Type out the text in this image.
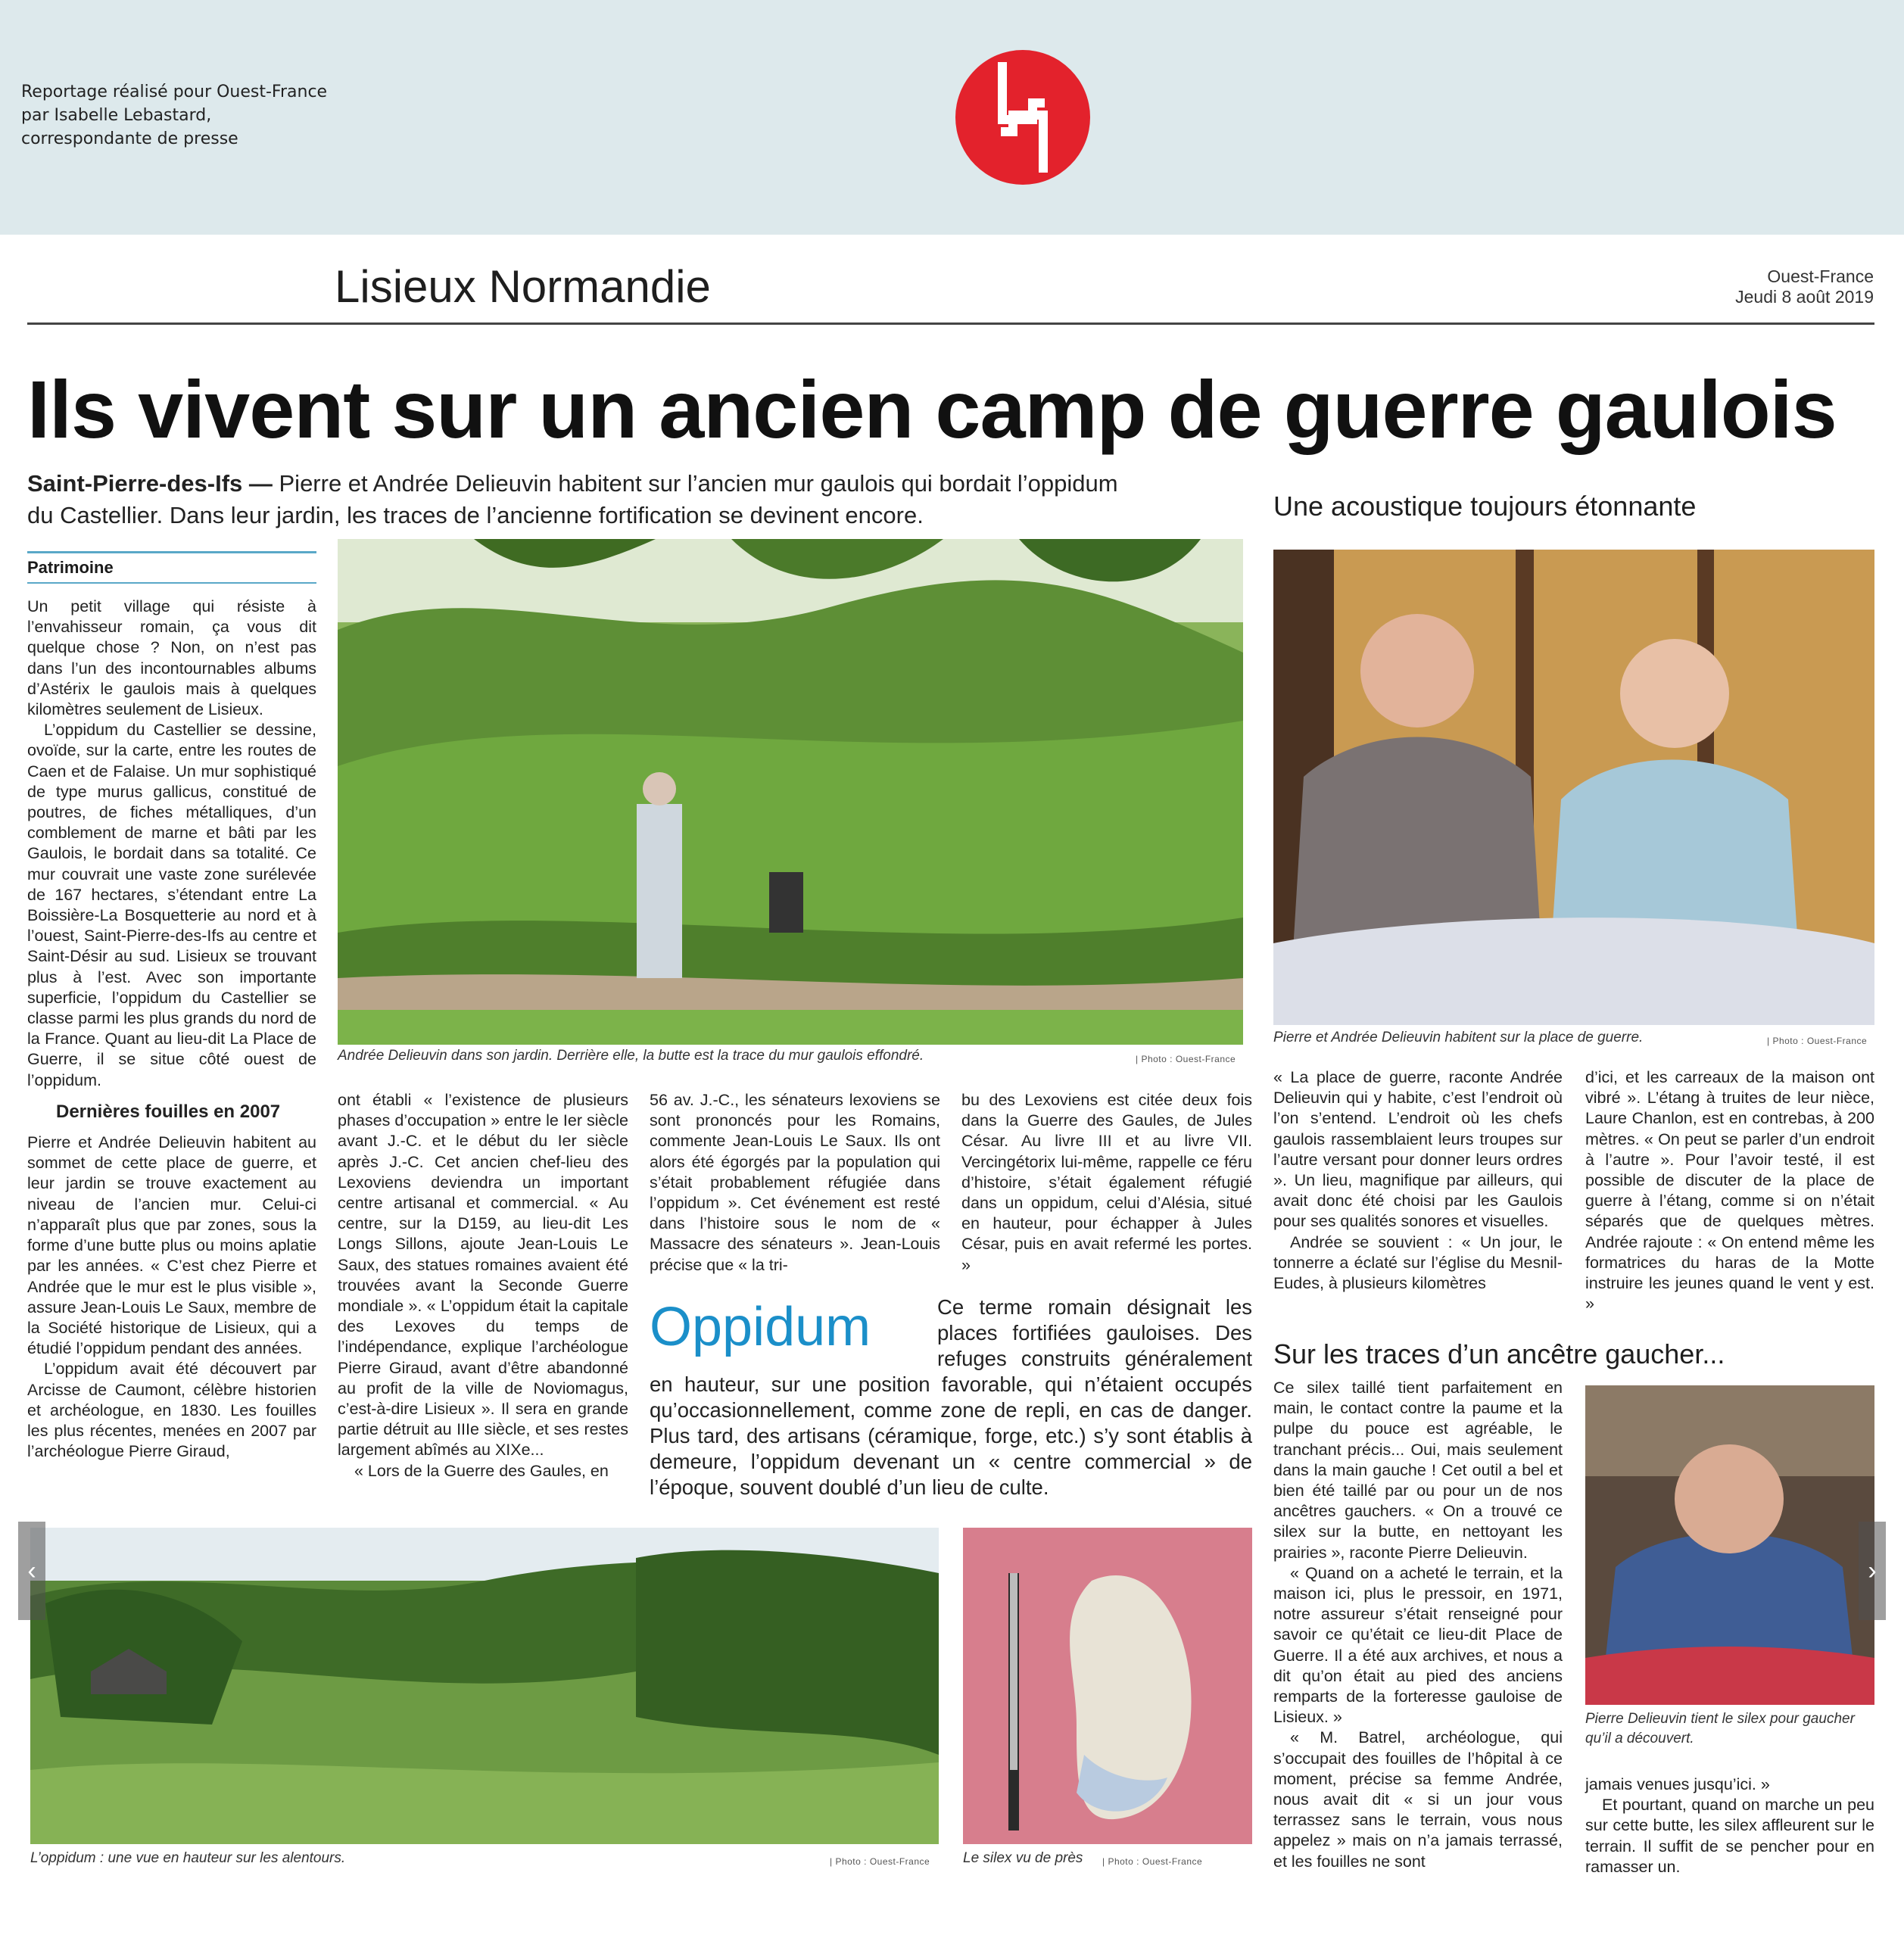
Reportage réalisé pour Ouest-France
par Isabelle Lebastard,
correspondante de presse
Lisieux Normandie	Ouest-France
Jeudi 8 août 2019
Ils vivent sur un ancien camp de guerre gaulois
Saint-Pierre-des-Ifs — Pierre et Andrée Delieuvin habitent sur l’ancien mur gaulois qui bordait l’oppidum du Castellier. Dans leur jardin, les traces de l’ancienne fortification se devinent encore.	Une acoustique toujours étonnante
Patrimoine

Un petit village qui résiste à l’envahisseur romain, ça vous dit quelque chose ? Non, on n’est pas dans l’un des incontournables albums d’Astérix le gaulois mais à quelques kilomètres seulement de Lisieux.

L’oppidum du Castellier se dessine, ovoïde, sur la carte, entre les routes de Caen et de Falaise. Un mur sophistiqué de type murus gallicus, constitué de poutres, de fiches métalliques, d’un comblement de marne et bâti par les Gaulois, le bordait dans sa totalité. Ce mur couvrait une vaste zone surélevée de 167 hectares, s’étendant entre La Boissière-La Bosquetterie au nord et à l’ouest, Saint-Pierre-des-Ifs au centre et Saint-Désir au sud. Lisieux se trouvant plus à l’est. Avec son importante superficie, l’oppidum du Castellier se classe parmi les plus grands du nord de la France. Quant au lieu-dit La Place de Guerre, il se situe côté ouest de l’oppidum.

Dernières fouilles en 2007

Pierre et Andrée Delieuvin habitent au sommet de cette place de guerre, et leur jardin se trouve exactement au niveau de l’ancien mur. Celui-ci n’apparaît plus que par zones, sous la forme d’une butte plus ou moins aplatie par les années. « C’est chez Pierre et Andrée que le mur est le plus visible », assure Jean-Louis Le Saux, membre de la Société historique de Lisieux, qui a étudié l’oppidum pendant des années.

L’oppidum avait été découvert par Arcisse de Caumont, célèbre historien et archéologue, en 1830. Les fouilles les plus récentes, menées en 2007 par l’archéologue Pierre Giraud,

Andrée Delieuvin dans son jardin. Derrière elle, la butte est la trace du mur gaulois effondré.	| Photo : Ouest-France

ont établi « l’existence de plusieurs phases d’occupation » entre le Ier siècle avant J.-C. et le début du Ier siècle après J.-C. Cet ancien chef-lieu des Lexoviens deviendra un important centre artisanal et commercial. « Au centre, sur la D159, au lieu-dit Les Longs Sillons, ajoute Jean-Louis Le Saux, des statues romaines avaient été trouvées avant la Seconde Guerre mondiale ». « L’oppidum était la capitale des Lexoves du temps de l’indépendance, explique l’archéologue Pierre Giraud, avant d’être abandonné au profit de la ville de Noviomagus, c’est-à-dire Lisieux ». Il sera en grande partie détruit au IIIe siècle, et ses restes largement abîmés au XIXe...

« Lors de la Guerre des Gaules, en

56 av. J.-C., les sénateurs lexoviens se sont prononcés pour les Romains, commente Jean-Louis Le Saux. Ils ont alors été égorgés par la population qui s’était probablement réfugiée dans l’oppidum ». Cet événement est resté dans l’histoire sous le nom de « Massacre des sénateurs ». Jean-Louis précise que « la tri-

bu des Lexoviens est citée deux fois dans la Guerre des Gaules, de Jules César. Au livre III et au livre VII. Vercingétorix lui-même, rappelle ce féru d’histoire, s’était également réfugié dans un oppidum, celui d’Alésia, situé en hauteur, pour échapper à Jules César, puis en avait refermé les portes. »

Ce terme romain désignait les places fortifiées gauloises. Des refuges construits généralement en hauteur, sur une position favorable, qui n’étaient occupés qu’occasionnellement, comme zone de repli, en cas de danger. Plus tard, des artisans (céramique, forge, etc.) s’y sont établis à demeure, l’oppidum devenant un « centre commercial » de l’époque, souvent doublé d’un lieu de culte.
Oppidum
L’oppidum : une vue en hauteur sur les alentours.	| Photo : Ouest-France Le silex vu de près | Photo : Ouest-France
Pierre et Andrée Delieuvin habitent sur la place de guerre.	| Photo : Ouest-France

« La place de guerre, raconte Andrée Delieuvin qui y habite, c’est l’endroit où l’on s’entend. L’endroit où les chefs gaulois rassemblaient leurs troupes sur l’autre versant pour donner leurs ordres ». Un lieu, magnifique par ailleurs, qui avait donc été choisi par les Gaulois pour ses qualités sonores et visuelles.

Andrée se souvient : « Un jour, le tonnerre a éclaté sur l’église du Mesnil-Eudes, à plusieurs kilomètres

d’ici, et les carreaux de la maison ont vibré ». L’étang à truites de leur nièce, Laure Chanlon, est en contrebas, à 200 mètres. « On peut se parler d’un endroit à l’autre ». Pour l’avoir testé, il est possible de discuter de la place de guerre à l’étang, comme si on n’était séparés que de quelques mètres. Andrée rajoute : « On entend même les formatrices du haras de la Motte instruire les jeunes quand le vent y est. »

Sur les traces d’un ancêtre gaucher...

Ce silex taillé tient parfaitement en main, le contact contre la paume et la pulpe du pouce est agréable, le tranchant précis... Oui, mais seulement dans la main gauche ! Cet outil a bel et bien été taillé par ou pour un de nos ancêtres gauchers. « On a trouvé ce silex sur la butte, en nettoyant les prairies », raconte Pierre Delieuvin.

« Quand on a acheté le terrain, et la maison ici, plus le pressoir, en 1971, notre assureur s’était renseigné pour savoir ce qu’était ce lieu-dit Place de Guerre. Il a été aux archives, et nous a dit qu’on était au pied des anciens remparts de la forteresse gauloise de Lisieux. »

« M. Batrel, archéologue, qui s’occupait des fouilles de l’hôpital à ce moment, précise sa femme Andrée, nous avait dit « si un jour vous terrassez sans le terrain, vous nous appelez » mais on n’a jamais terrassé, et les fouilles ne sont

Pierre Delieuvin tient le silex pour gaucher qu’il a découvert.

jamais venues jusqu’ici. »

Et pourtant, quand on marche un peu sur cette butte, les silex affleurent sur le terrain. Il suffit de se pencher pour en ramasser un.

‹	›
